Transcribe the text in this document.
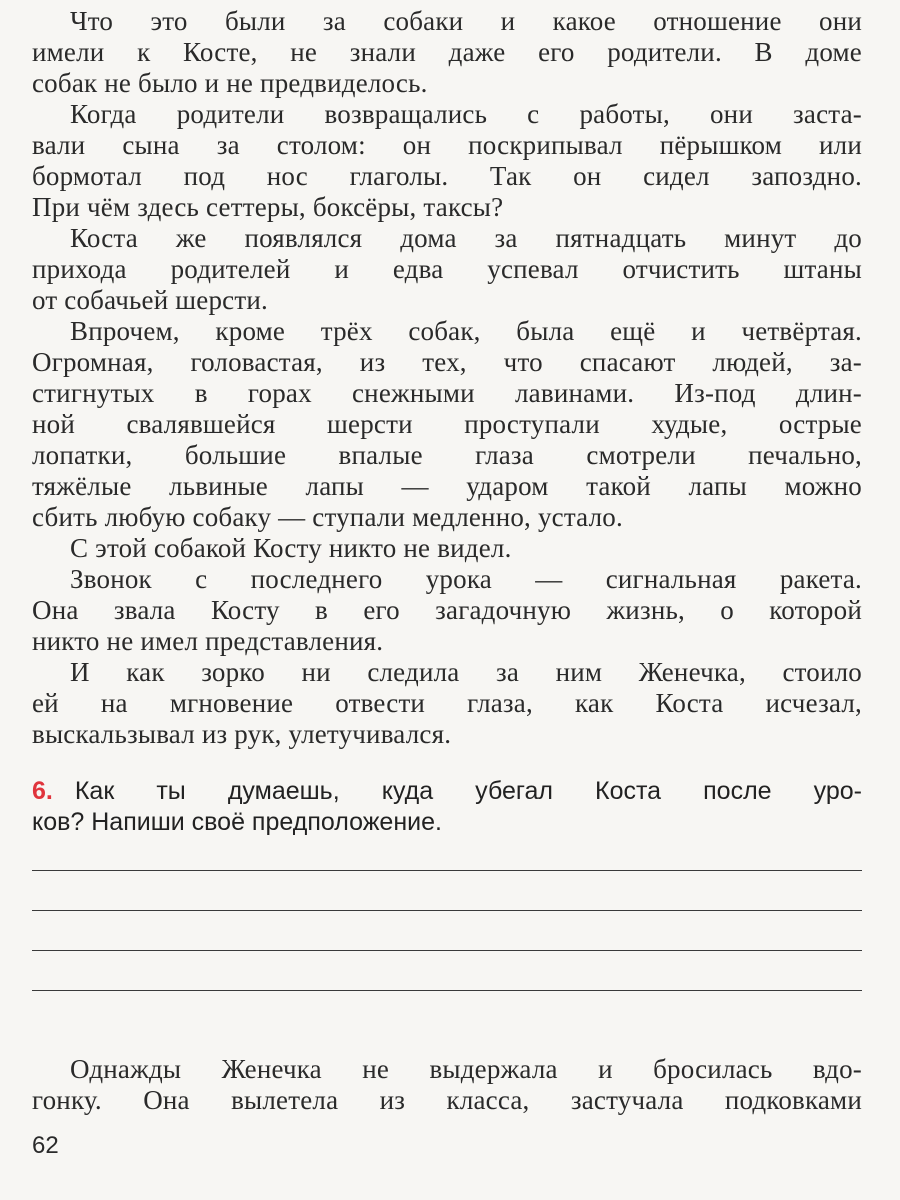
Что это были за собаки и какое отношение они
имели к Косте, не знали даже его родители. В доме
собак не было и не предвиделось.
Когда родители возвращались с работы, они заста-
вали сына за столом: он поскрипывал пёрышком или
бормотал под нос глаголы. Так он сидел запоздно.
При чём здесь сеттеры, боксёры, таксы?
Коста же появлялся дома за пятнадцать минут до
прихода родителей и едва успевал отчистить штаны
от собачьей шерсти.
Впрочем, кроме трёх собак, была ещё и четвёртая.
Огромная, головастая, из тех, что спасают людей, за-
стигнутых в горах снежными лавинами. Из-под длин-
ной свалявшейся шерсти проступали худые, острые
лопатки, большие впалые глаза смотрели печально,
тяжёлые львиные лапы — ударом такой лапы можно
сбить любую собаку — ступали медленно, устало.
С этой собакой Косту никто не видел.
Звонок с последнего урока — сигнальная ракета.
Она звала Косту в его загадочную жизнь, о которой
никто не имел представления.
И как зорко ни следила за ним Женечка, стоило
ей на мгновение отвести глаза, как Коста исчезал,
выскальзывал из рук, улетучивался.
6. Как ты думаешь, куда убегал Коста после уро-
ков? Напиши своё предположение.
Однажды Женечка не выдержала и бросилась вдо-
гонку. Она вылетела из класса, застучала подковками
62
